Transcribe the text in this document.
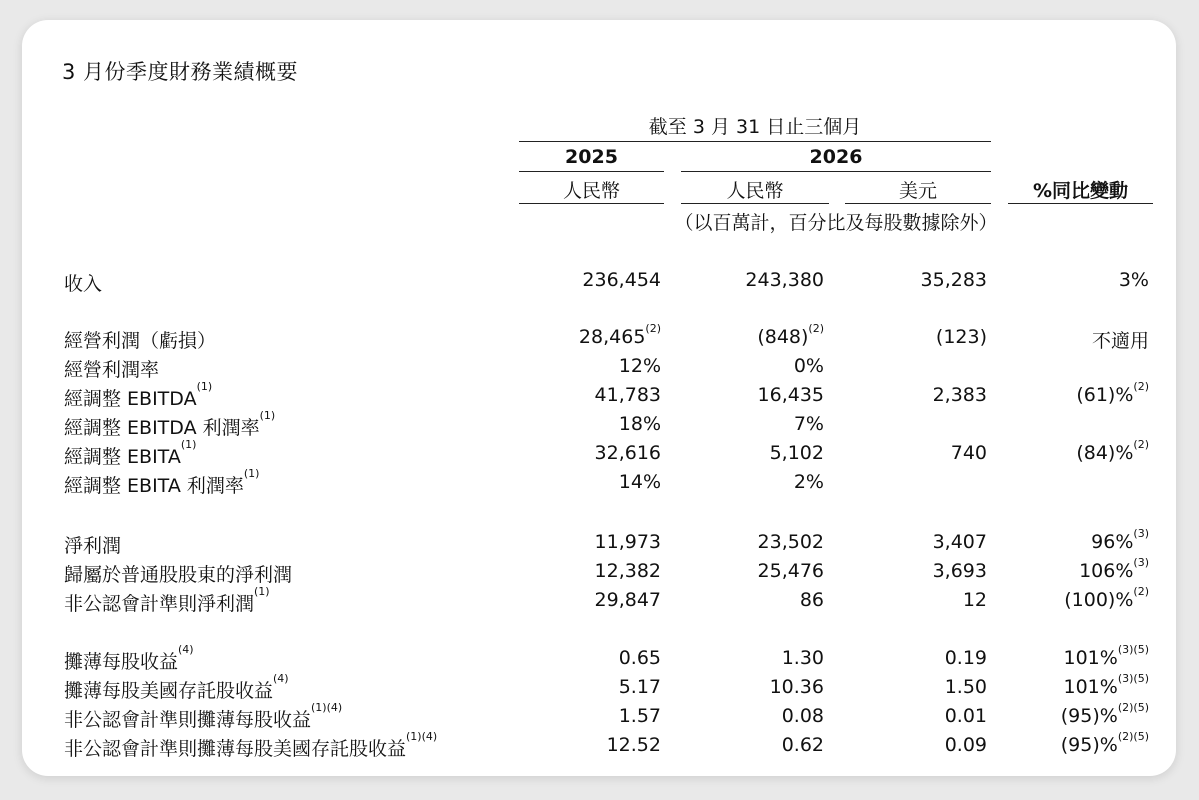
3 月份季度財務業績概要
截至 3 月 31 日止三個月
2025	2026
人民幣	人民幣	美元	%同比變動
（以百萬計，百分比及每股數據除外）
收入	236,454	243,380	35,283	3%
經營利潤（虧損）	28,465$^{(2)}$	$(848)^{(2)}$	(123)	不適用
經營利潤率	12%	0%
經調整 EBITDA$^{(1)}$	41,783	16,435	2,383	(61)%$^{(2)}$
經調整 EBITDA 利潤率$^{(1)}$	18%	7%
經調整 EBITA$^{(1)}$	32,616	5,102	740	(84)%$^{(2)}$
經調整 EBITA 利潤率$^{(1)}$	14%	2%
淨利潤	11,973	23,502	3,407	96%$^{(3)}$
歸屬於普通股股東的淨利潤	12,382	25,476	3,693	106%$^{(3)}$
非公認會計準則淨利潤$^{(1)}$	29,847	86	12	(100)%$^{(2)}$
攤薄每股收益$^{(4)}$	0.65	1.30	0.19	101%$^{(3)(5)}$
攤薄每股美國存託股收益$^{(4)}$	5.17	10.36	1.50	101%$^{(3)(5)}$
非公認會計準則攤薄每股收益$^{(1)(4)}$	1.57	0.08	0.01	(95)%$^{(2)(5)}$
非公認會計準則攤薄每股美國存託股收益$^{(1)(4)}$	12.52	0.62	0.09	(95)%$^{(2)(5)}$
